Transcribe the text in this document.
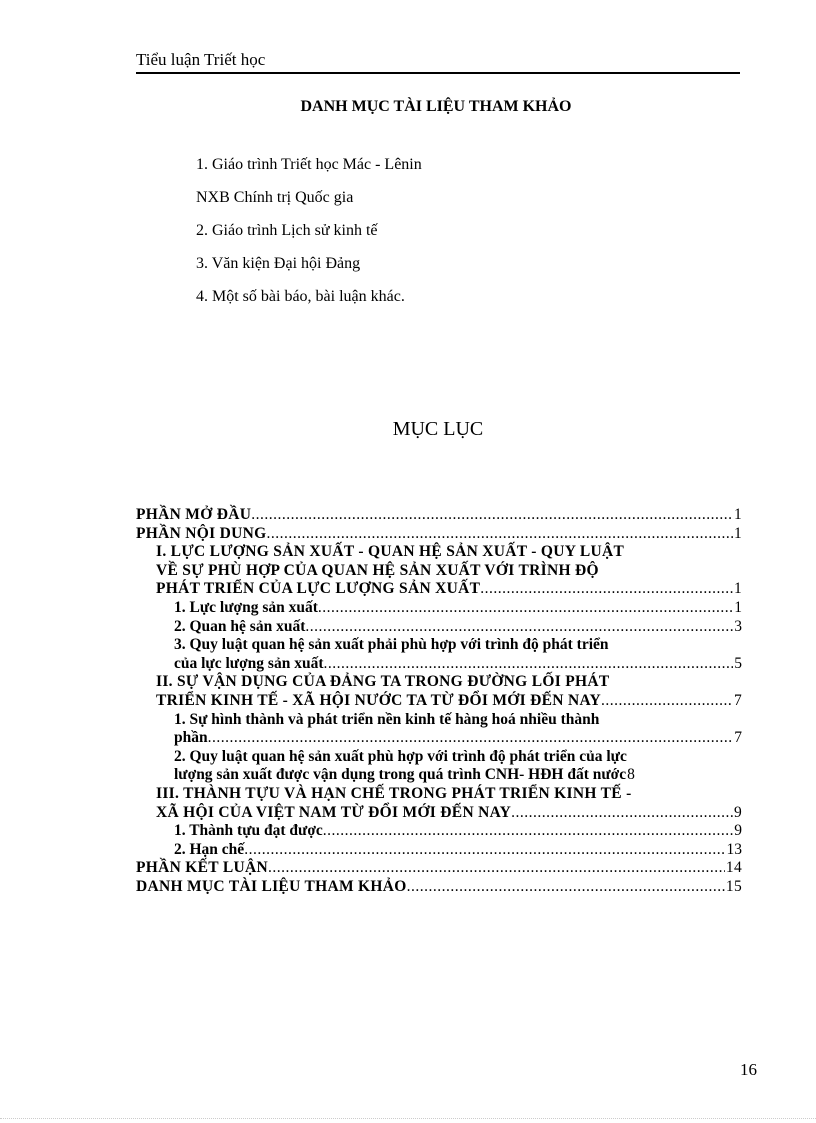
Tiểu luận Triết học
DANH MỤC TÀI LIỆU THAM KHẢO
1. Giáo trình Triết học Mác - Lênin
NXB Chính trị Quốc gia
2. Giáo trình Lịch sử kinh tế
3. Văn kiện Đại hội Đảng
4. Một số bài báo, bài luận khác.
MỤC LỤC
PHẦN MỞ ĐẦU .....	1
PHẦN NỘI DUNG .....	1
I. LỰC LƯỢNG SẢN XUẤT - QUAN HỆ SẢN XUẤT - QUY LUẬT
VỀ SỰ PHÙ HỢP CỦA QUAN HỆ SẢN XUẤT VỚI TRÌNH ĐỘ
PHÁT TRIỂN CỦA LỰC LƯỢNG SẢN XUẤT .....	1
1. Lực lượng sản xuất .....	1
2. Quan hệ sản xuất .....	3
3. Quy luật quan hệ sản xuất phải phù hợp với trình độ phát triển
của lực lượng sản xuất .....	5
II. SỰ VẬN DỤNG CỦA ĐẢNG TA TRONG ĐƯỜNG LỐI PHÁT
TRIỂN KINH TẾ - XÃ HỘI NƯỚC TA TỪ ĐỔI MỚI ĐẾN NAY .....	7
1. Sự hình thành và phát triển nền kinh tế hàng hoá nhiều thành
phần .....	7
2. Quy luật quan hệ sản xuất phù hợp với trình độ phát triển của lực
lượng sản xuất được vận dụng trong quá trình CNH- HĐH đất nước 8
III. THÀNH TỰU VÀ HẠN CHẾ TRONG PHÁT TRIỂN KINH TẾ -
XÃ HỘI CỦA VIỆT NAM TỪ ĐỔI MỚI ĐẾN NAY .....	9
1. Thành tựu đạt được .....	9
2. Hạn chế .....	13
PHẦN KẾT LUẬN .....	14
DANH MỤC TÀI LIỆU THAM KHẢO .....	15
16
